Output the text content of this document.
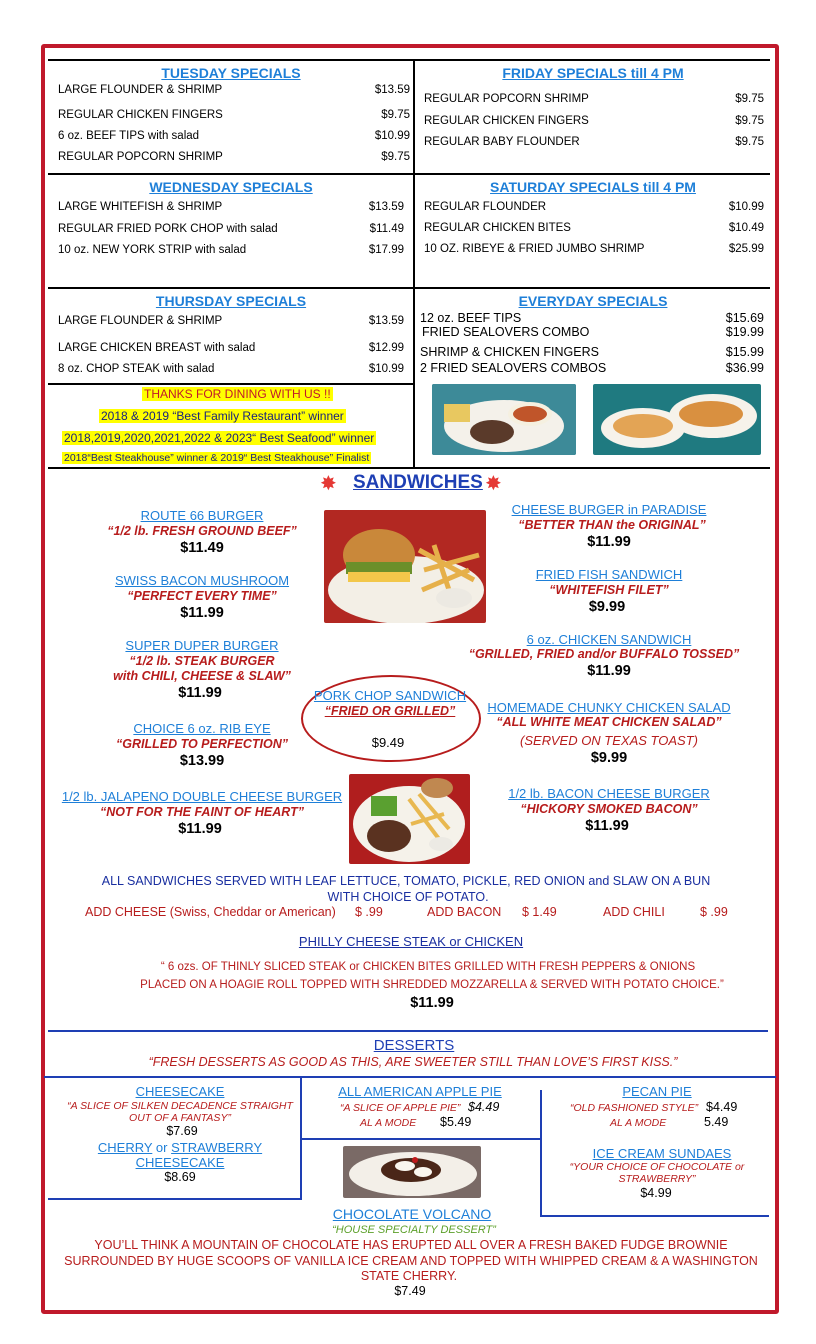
TUESDAY SPECIALS
LARGE FLOUNDER & SHRIMP	$13.59
REGULAR CHICKEN FINGERS	$9.75
6 oz. BEEF TIPS with salad	$10.99
REGULAR POPCORN SHRIMP	$9.75
FRIDAY SPECIALS till 4 PM
REGULAR POPCORN SHRIMP	$9.75
REGULAR CHICKEN FINGERS	$9.75
REGULAR BABY FLOUNDER	$9.75
WEDNESDAY SPECIALS
LARGE WHITEFISH & SHRIMP	$13.59
REGULAR FRIED PORK CHOP with salad	$11.49
10 oz. NEW YORK STRIP with salad	$17.99
SATURDAY SPECIALS till 4 PM
REGULAR FLOUNDER	$10.99
REGULAR CHICKEN BITES	$10.49
10 OZ. RIBEYE & FRIED JUMBO SHRIMP	$25.99
THURSDAY SPECIALS
LARGE FLOUNDER & SHRIMP	$13.59
LARGE CHICKEN BREAST with salad	$12.99
8 oz. CHOP STEAK with salad	$10.99
EVERYDAY SPECIALS
12 oz. BEEF TIPS	$15.69
FRIED SEALOVERS COMBO	$19.99
SHRIMP & CHICKEN FINGERS	$15.99
2 FRIED SEALOVERS COMBOS	$36.99
THANKS FOR DINING WITH US !!
2018 & 2019 “Best Family Restaurant” winner
2018,2019,2020,2021,2022 & 2023“ Best Seafood” winner
2018“Best Steakhouse” winner & 2019“ Best Steakhouse” Finalist
✸	✸
SANDWICHES
ROUTE 66 BURGER
“1/2 lb. FRESH GROUND BEEF”
$11.49
SWISS BACON MUSHROOM
“PERFECT EVERY TIME”
$11.99
SUPER DUPER BURGER
“1/2 lb. STEAK BURGER
with CHILI, CHEESE & SLAW”
$11.99
CHOICE 6 oz. RIB EYE
“GRILLED TO PERFECTION”
$13.99
1/2 lb. JALAPENO DOUBLE CHEESE BURGER
“NOT FOR THE FAINT OF HEART”
$11.99
CHEESE BURGER in PARADISE
“BETTER THAN the ORIGINAL”
$11.99
FRIED FISH SANDWICH
“WHITEFISH FILET”
$9.99
6 oz. CHICKEN SANDWICH
“GRILLED, FRIED and/or BUFFALO TOSSED”
$11.99
PORK CHOP SANDWICH
“FRIED OR GRILLED”
$9.49
HOMEMADE CHUNKY CHICKEN SALAD
“ALL WHITE MEAT CHICKEN SALAD”
(SERVED ON TEXAS TOAST)
$9.99
1/2 lb. BACON CHEESE BURGER
“HICKORY SMOKED BACON”
$11.99
ALL SANDWICHES SERVED WITH LEAF LETTUCE, TOMATO, PICKLE, RED ONION and SLAW ON A BUN
WITH CHOICE OF POTATO.
ADD CHEESE (Swiss, Cheddar or American) $ .99	ADD BACON $ 1.49	ADD CHILI	$ .99
PHILLY CHEESE STEAK or CHICKEN
“ 6 ozs. OF THINLY SLICED STEAK or CHICKEN BITES GRILLED WITH FRESH PEPPERS & ONIONS
PLACED ON A HOAGIE ROLL TOPPED WITH SHREDDED MOZZARELLA & SERVED WITH POTATO CHOICE.”
$11.99
DESSERTS
“FRESH DESSERTS AS GOOD AS THIS, ARE SWEETER STILL THAN LOVE’S FIRST KISS.”
CHEESECAKE
“A SLICE OF SILKEN DECADENCE STRAIGHT
OUT OF A FANTASY”
$7.69
CHERRY or STRAWBERRY
CHEESECAKE
$8.69
ALL AMERICAN APPLE PIE
“A SLICE OF APPLE PIE” $4.49
AL A MODE $5.49
PECAN PIE
“OLD FASHIONED STYLE” $4.49
AL A MODE	5.49
ICE CREAM SUNDAES
“YOUR CHOICE OF CHOCOLATE or
STRAWBERRY”
$4.99
CHOCOLATE VOLCANO
“HOUSE SPECIALTY DESSERT”
YOU’LL THINK A MOUNTAIN OF CHOCOLATE HAS ERUPTED ALL OVER A FRESH BAKED FUDGE BROWNIE
SURROUNDED BY HUGE SCOOPS OF VANILLA ICE CREAM AND TOPPED WITH WHIPPED CREAM & A WASHINGTON
STATE CHERRY.
$7.49
